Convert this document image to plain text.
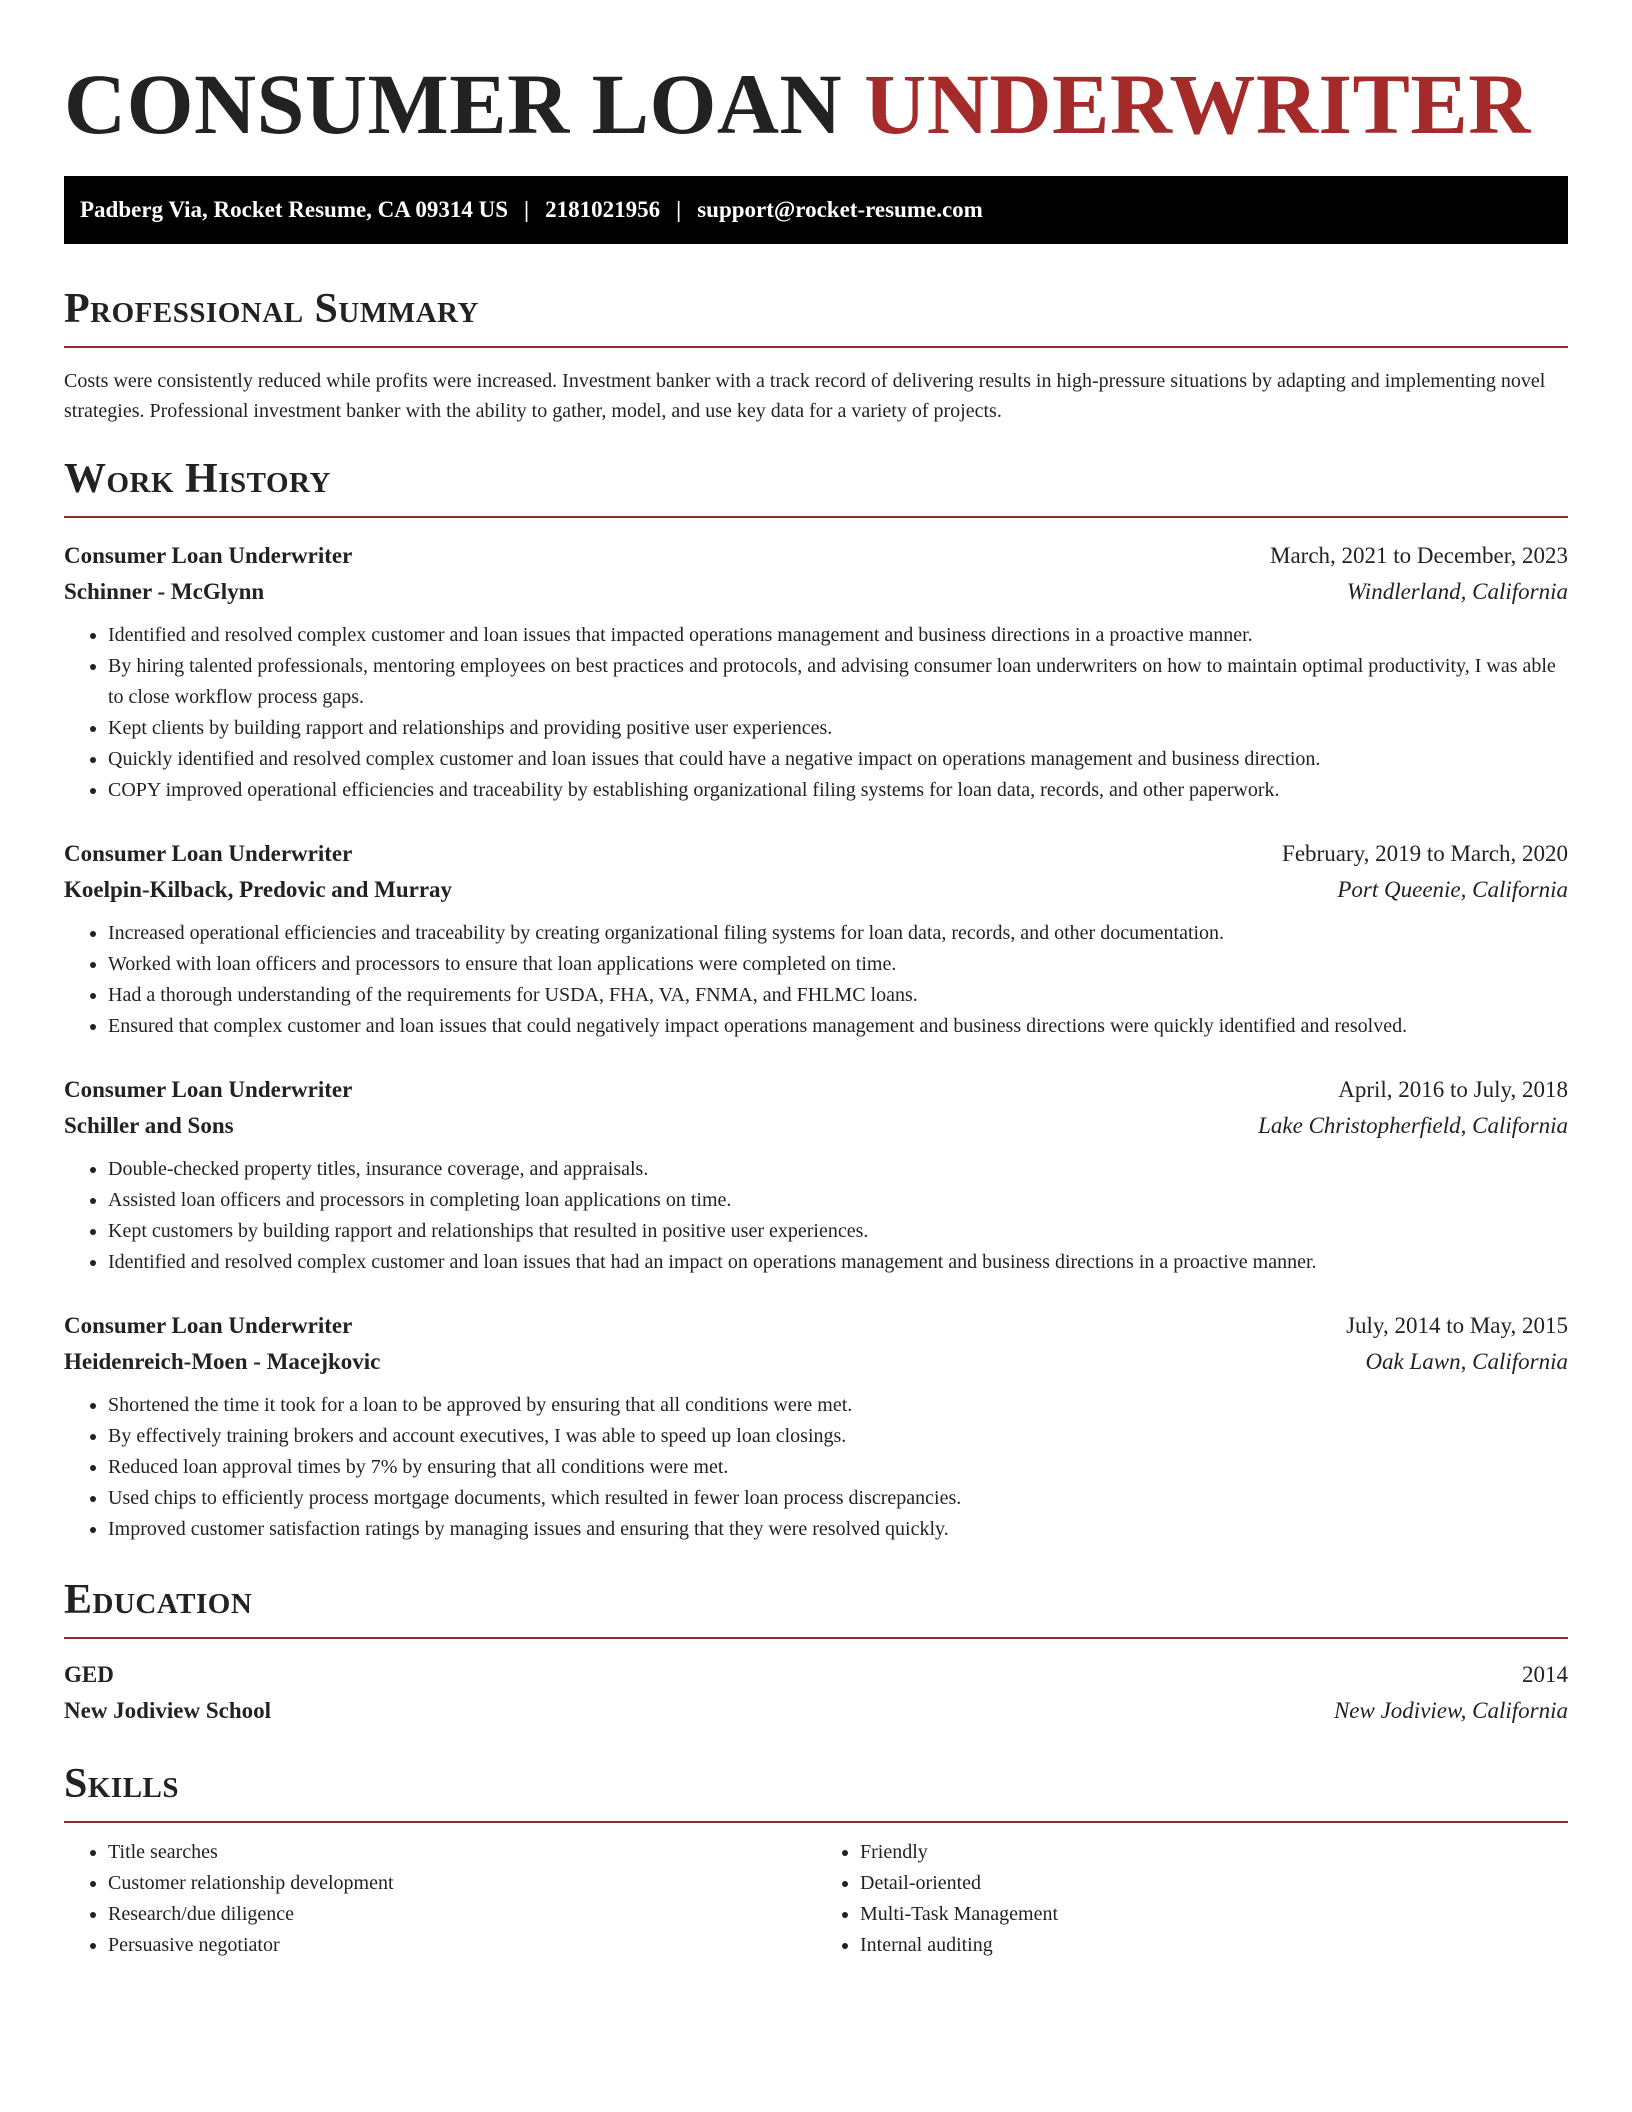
CONSUMER LOAN UNDERWRITER
Padberg Via, Rocket Resume, CA 09314 US | 2181021956 | support@rocket-resume.com
Professional Summary

Costs were consistently reduced while profits were increased. Investment banker with a track record of delivering results in high-pressure situations by adapting and implementing novel strategies. Professional investment banker with the ability to gather, model, and use key data for a variety of projects.

Work History
Consumer Loan Underwriter	March, 2021 to December, 2023
Schinner - McGlynn	Windlerland, California
• Identified and resolved complex customer and loan issues that impacted operations management and business directions in a proactive manner.
• By hiring talented professionals, mentoring employees on best practices and protocols, and advising consumer loan underwriters on how to maintain optimal productivity, I was able to close workflow process gaps.
• Kept clients by building rapport and relationships and providing positive user experiences.
• Quickly identified and resolved complex customer and loan issues that could have a negative impact on operations management and business direction.
• COPY improved operational efficiencies and traceability by establishing organizational filing systems for loan data, records, and other paperwork.
Consumer Loan Underwriter	February, 2019 to March, 2020
Koelpin-Kilback, Predovic and Murray	Port Queenie, California
• Increased operational efficiencies and traceability by creating organizational filing systems for loan data, records, and other documentation.
• Worked with loan officers and processors to ensure that loan applications were completed on time.
• Had a thorough understanding of the requirements for USDA, FHA, VA, FNMA, and FHLMC loans.
• Ensured that complex customer and loan issues that could negatively impact operations management and business directions were quickly identified and resolved.
Consumer Loan Underwriter	April, 2016 to July, 2018
Schiller and Sons	Lake Christopherfield, California
• Double-checked property titles, insurance coverage, and appraisals.
• Assisted loan officers and processors in completing loan applications on time.
• Kept customers by building rapport and relationships that resulted in positive user experiences.
• Identified and resolved complex customer and loan issues that had an impact on operations management and business directions in a proactive manner.
Consumer Loan Underwriter	July, 2014 to May, 2015
Heidenreich-Moen - Macejkovic	Oak Lawn, California
• Shortened the time it took for a loan to be approved by ensuring that all conditions were met.
• By effectively training brokers and account executives, I was able to speed up loan closings.
• Reduced loan approval times by 7% by ensuring that all conditions were met.
• Used chips to efficiently process mortgage documents, which resulted in fewer loan process discrepancies.
• Improved customer satisfaction ratings by managing issues and ensuring that they were resolved quickly.
Education
GED	2014
New Jodiview School	New Jodiview, California
Skills
• Title searches
• Customer relationship development
• Research/due diligence
• Persuasive negotiator
• Friendly
• Detail-oriented
• Multi-Task Management
• Internal auditing
